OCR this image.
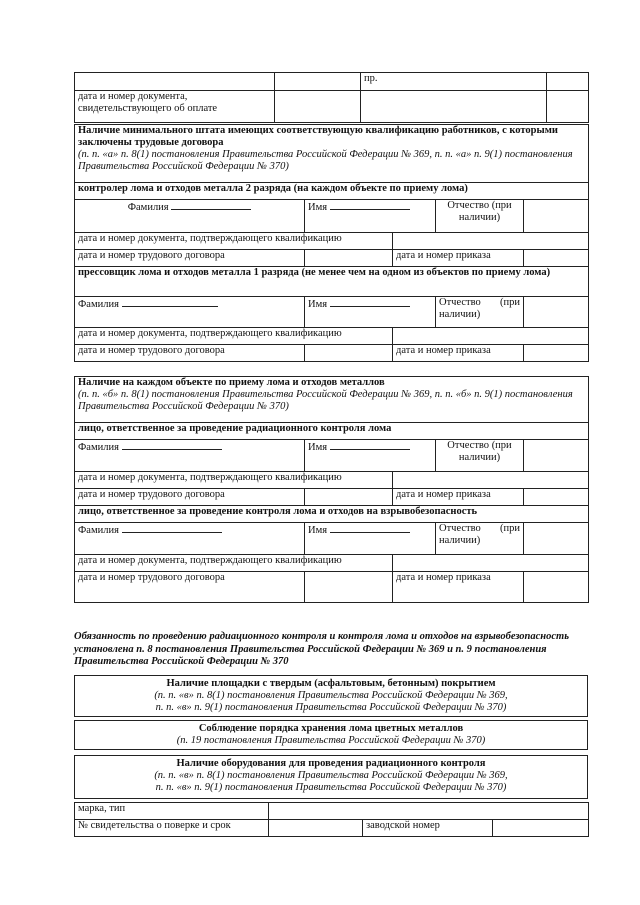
		пр.	
дата и номер документа, свидетельствующего об оплате			
Наличие минимального штата имеющих соответствующую квалификацию работников, с которыми заключены трудовые договора
(п. п. «а» п. 8(1) постановления Правительства Российской Федерации № 369, п. п. «а» п. 9(1) постановления Правительства Российской Федерации № 370)
контролер лома и отходов металла 2 разряда (на каждом объекте по приему лома)
Фамилия		Имя	Отчество (при наличии)

дата и номер документа, подтверждающего квалификацию	
дата и номер трудового договора		дата и номер приказа	
прессовщик лома и отходов металла 1 разряда (не менее чем на одном из объектов по приему лома)
Фамилия		Имя	Отчество (при

наличии)

дата и номер документа, подтверждающего квалификацию	
дата и номер трудового договора		дата и номер приказа	
Наличие на каждом объекте по приему лома и отходов металлов
(п. п. «б» п. 8(1) постановления Правительства Российской Федерации № 369, п. п. «б» п. 9(1) постановления Правительства Российской Федерации № 370)
лицо, ответственное за проведение радиационного контроля лома
Фамилия		Имя	Отчество (при
наличии)

дата и номер документа, подтверждающего квалификацию	
дата и номер трудового договора		дата и номер приказа	
лицо, ответственное за проведение контроля лома и отходов на взрывобезопасность
Фамилия		Имя	Отчество (при

наличии)

дата и номер документа, подтверждающего квалификацию	
дата и номер трудового договора		дата и номер приказа	
Обязанность по проведению радиационного контроля и контроля лома и отходов на взрывобезопасность установлена п. 8 постановления Правительства Российской Федерации № 369 и п. 9 постановления Правительства Российской Федерации № 370
Наличие площадки с твердым (асфальтовым, бетонным) покрытием
(п. п. «в» п. 8(1) постановления Правительства Российской Федерации № 369,
п. п. «в» п. 9(1) постановления Правительства Российской Федерации № 370)
Соблюдение порядка хранения лома цветных металлов
(п. 19 постановления Правительства Российской Федерации № 370)
Наличие оборудования для проведения радиационного контроля
(п. п. «в» п. 8(1) постановления Правительства Российской Федерации № 369,
п. п. «в» п. 9(1) постановления Правительства Российской Федерации № 370)
марка, тип			
№ свидетельства о поверке и срок		заводской номер	
